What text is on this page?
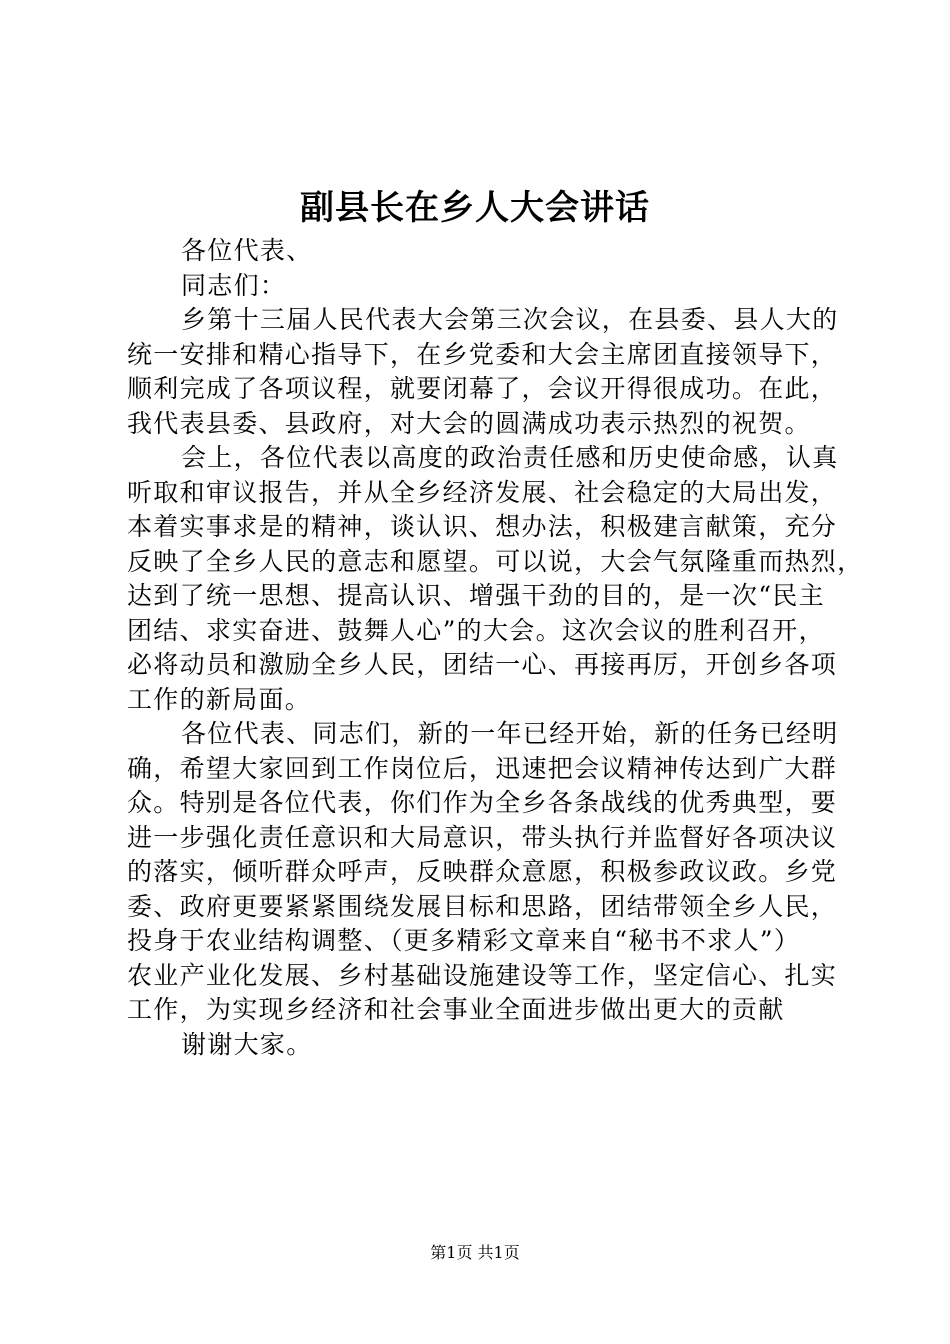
副县长在乡人大会讲话
各位代表、
同志们：
乡第十三届人民代表大会第三次会议，在县委、县人大的
统一安排和精心指导下，在乡党委和大会主席团直接领导下，
顺利完成了各项议程，就要闭幕了，会议开得很成功。在此，
我代表县委、县政府，对大会的圆满成功表示热烈的祝贺。
会上，各位代表以高度的政治责任感和历史使命感，认真
听取和审议报告，并从全乡经济发展、社会稳定的大局出发，
本着实事求是的精神，谈认识、想办法，积极建言献策，充分
反映了全乡人民的意志和愿望。可以说，大会气氛隆重而热烈，
达到了统一思想、提高认识、增强干劲的目的，是一次“民主
团结、求实奋进、鼓舞人心”的大会。这次会议的胜利召开，
必将动员和激励全乡人民，团结一心、再接再厉，开创乡各项
工作的新局面。
各位代表、同志们，新的一年已经开始，新的任务已经明
确，希望大家回到工作岗位后，迅速把会议精神传达到广大群
众。特别是各位代表，你们作为全乡各条战线的优秀典型，要
进一步强化责任意识和大局意识，带头执行并监督好各项决议
的落实，倾听群众呼声，反映群众意愿，积极参政议政。乡党
委、政府更要紧紧围绕发展目标和思路，团结带领全乡人民，
投身于农业结构调整、（更多精彩文章来自“秘书不求人”）
农业产业化发展、乡村基础设施建设等工作，坚定信心、扎实
工作，为实现乡经济和社会事业全面进步做出更大的贡献
谢谢大家。
第1页 共1页
